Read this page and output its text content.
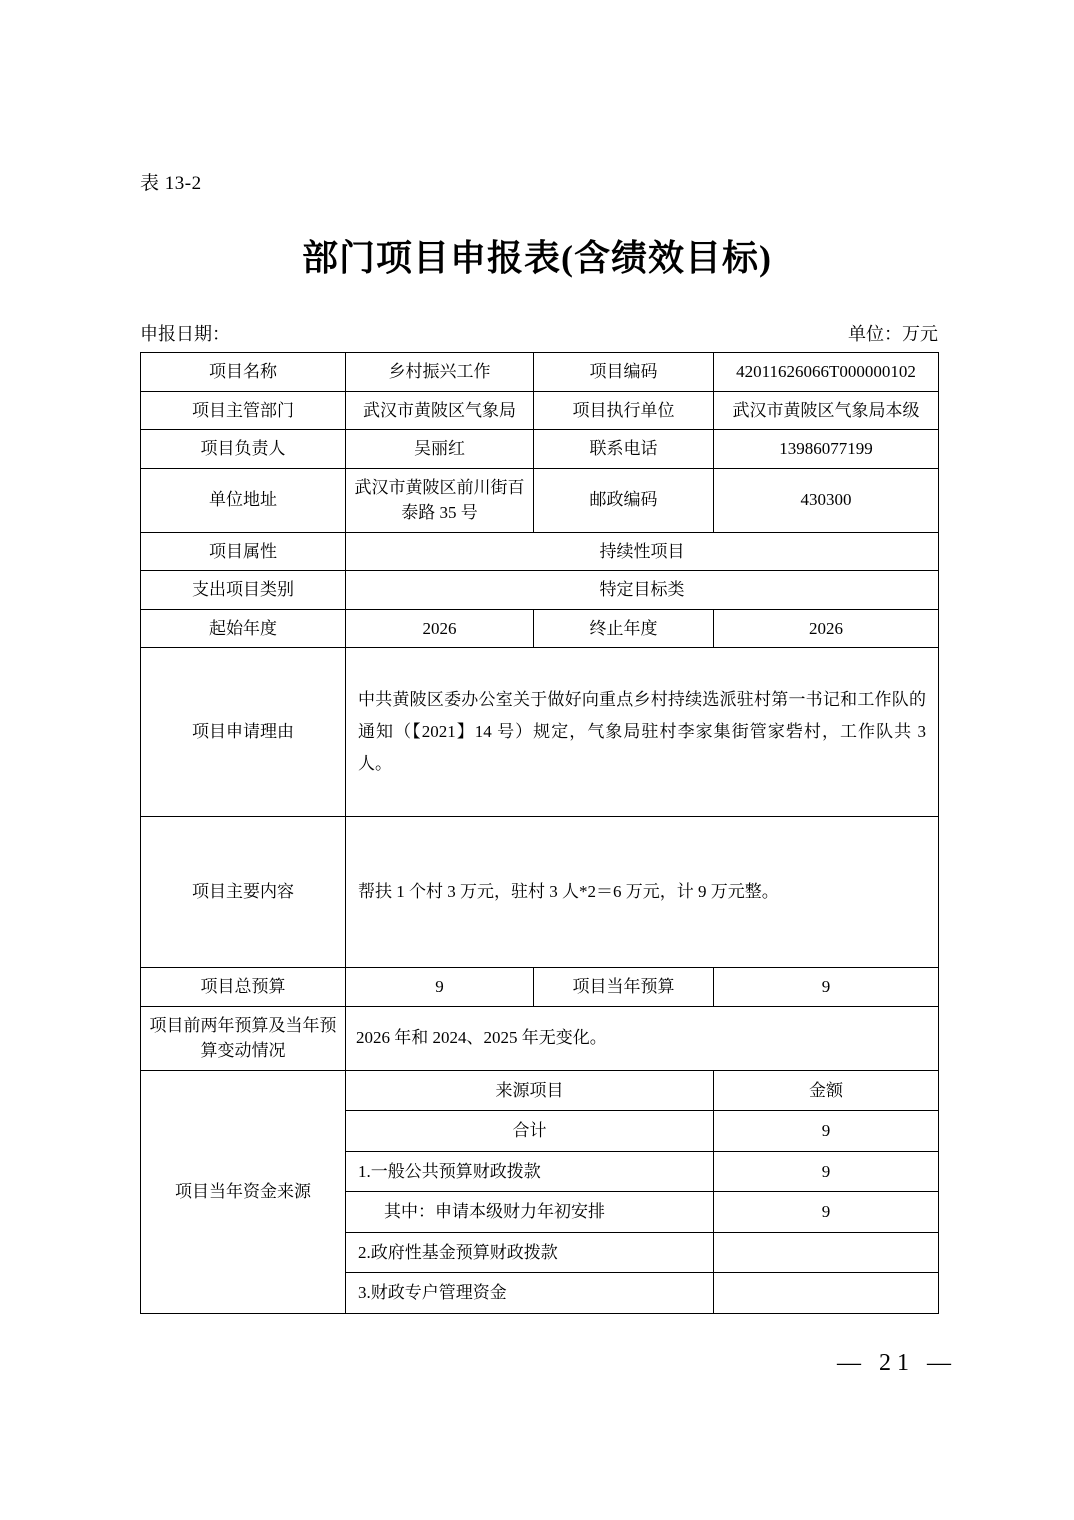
表 13-2
部门项目申报表(含绩效目标)
申报日期：	单位：万元
项目名称	乡村振兴工作	项目编码	42011626066T000000102
项目主管部门	武汉市黄陂区气象局	项目执行单位	武汉市黄陂区气象局本级
项目负责人	吴丽红	联系电话	13986077199
单位地址	武汉市黄陂区前川街百泰路 35 号	邮政编码	430300
项目属性	持续性项目
支出项目类别	特定目标类
起始年度	2026	终止年度	2026
项目申请理由	中共黄陂区委办公室关于做好向重点乡村持续选派驻村第一书记和工作队的通知（【2021】14 号）规定，气象局驻村李家集街管家砦村，工作队共 3 人。
项目主要内容	帮扶 1 个村 3 万元，驻村 3 人*2＝6 万元，计 9 万元整。
项目总预算	9	项目当年预算	9
项目前两年预算及当年预算变动情况	2026 年和 2024、2025 年无变化。
项目当年资金来源	
来源项目	金额
合计	9
1.一般公共预算财政拨款	9
其中：申请本级财力年初安排	9
2.政府性基金预算财政拨款	
3.财政专户管理资金	
— 21 —
